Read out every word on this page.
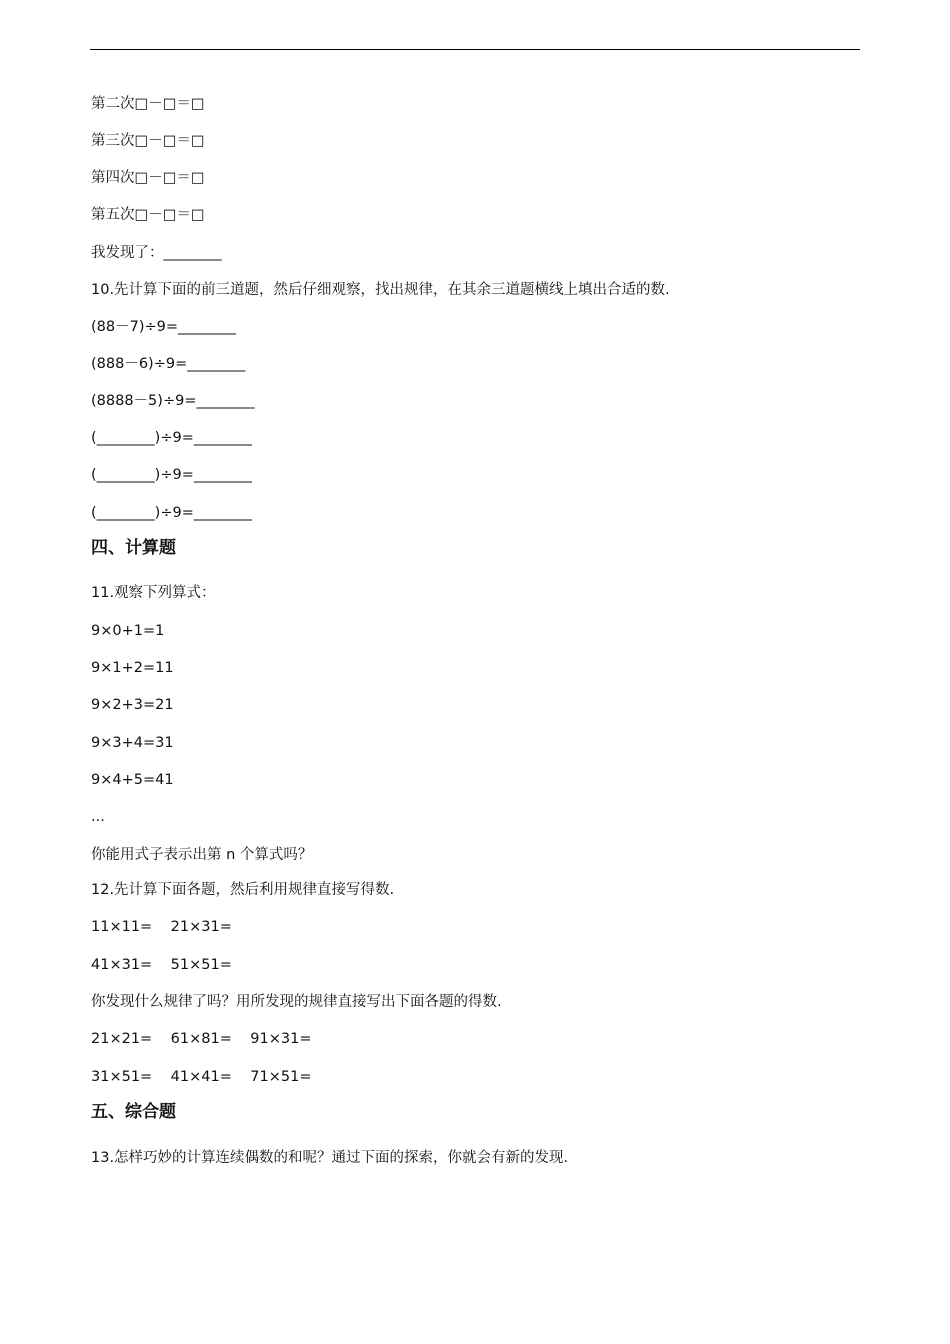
第二次□－□＝□
第三次□－□＝□
第四次□－□＝□
第五次□－□＝□
我发现了：________
10.先计算下面的前三道题，然后仔细观察，找出规律，在其余三道题横线上填出合适的数.
(88－7)÷9=________
(888－6)÷9=________
(8888－5)÷9=________
(________)÷9=________
(________)÷9=________
(________)÷9=________
四、计算题
11.观察下列算式：
9×0+1=1
9×1+2=11
9×2+3=21
9×3+4=31
9×4+5=41
...
你能用式子表示出第 n 个算式吗？
12.先计算下面各题，然后利用规律直接写得数.
11×11=    21×31=
41×31=    51×51=
你发现什么规律了吗？用所发现的规律直接写出下面各题的得数.
21×21=    61×81=    91×31=
31×51=    41×41=    71×51=
五、综合题
13.怎样巧妙的计算连续偶数的和呢？通过下面的探索，你就会有新的发现.
